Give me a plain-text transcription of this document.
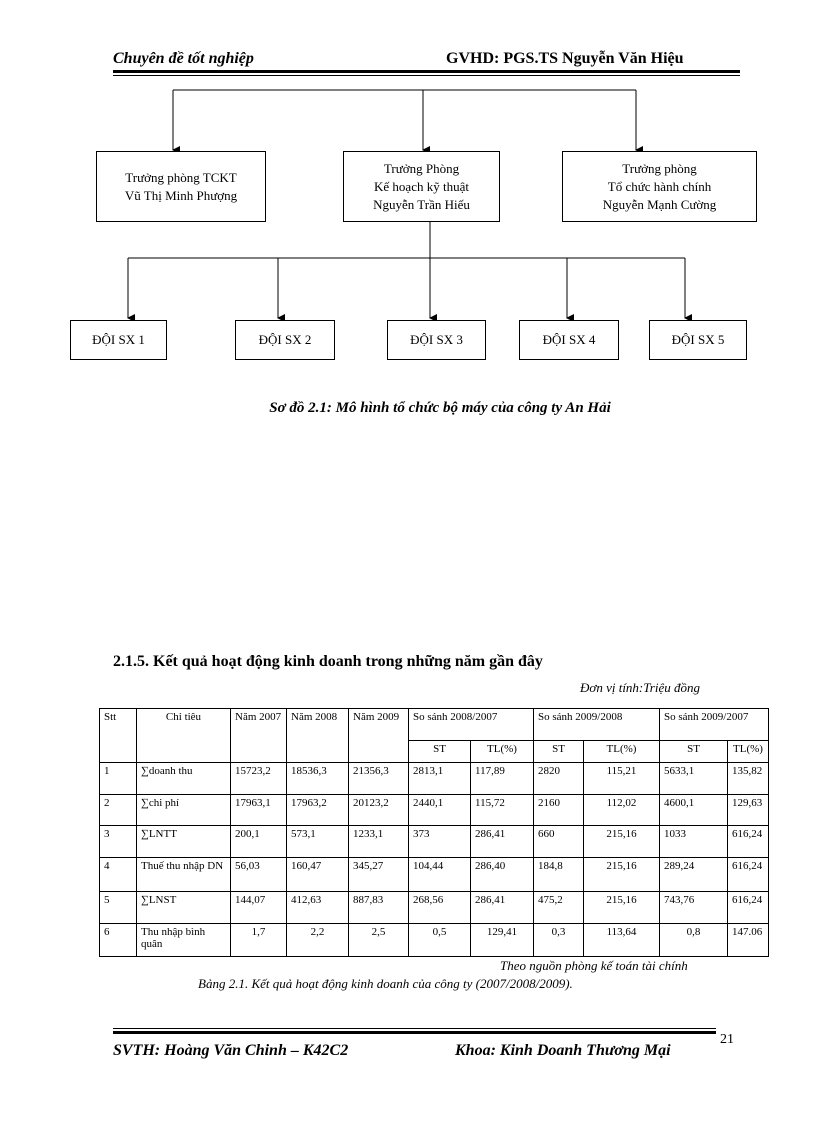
Chuyên đề tốt nghiệp	GVHD: PGS.TS Nguyễn Văn Hiệu
Trưởng phòng TCKT
Vũ Thị Minh Phượng
Trưởng Phòng
Kế hoạch kỹ thuật
Nguyễn Trần Hiếu
Trưởng phòng
Tổ chức hành chính
Nguyễn Mạnh Cường
ĐỘI SX 1	ĐỘI SX 2	ĐỘI SX 3	ĐỘI SX 4	ĐỘI SX 5
Sơ đồ 2.1: Mô hình tổ chức bộ máy của công ty An Hải
2.1.5. Kết quả hoạt động kinh doanh trong những năm gần đây
Đơn vị tính:Triệu đồng
Stt	Chỉ tiêu	Năm 2007	Năm 2008	Năm 2009	So sánh 2008/2007		So sánh 2009/2008		So sánh 2009/2007	
					ST	TL(%)	ST	TL(%)	ST	TL(%)
1	∑doanh thu	15723,2	18536,3	21356,3	2813,1	117,89	2820	115,21	5633,1	135,82
2	∑chi phí	17963,1	17963,2	20123,2	2440,1	115,72	2160	112,02	4600,1	129,63
3	∑LNTT	200,1	573,1	1233,1	373	286,41	660	215,16	1033	616,24
4	Thuế thu nhập DN	56,03	160,47	345,27	104,44	286,40	184,8	215,16	289,24	616,24
5	∑LNST	144,07	412,63	887,83	268,56	286,41	475,2	215,16	743,76	616,24
6	Thu nhập bình quân	1,7	2,2	2,5	0,5	129,41	0,3	113,64	0,8	147.06
Theo nguồn phòng kế toán tài chính
Bảng 2.1. Kết quả hoạt động kinh doanh của công ty (2007/2008/2009).
21
SVTH: Hoàng Văn Chinh – K42C2	Khoa: Kinh Doanh Thương Mại
